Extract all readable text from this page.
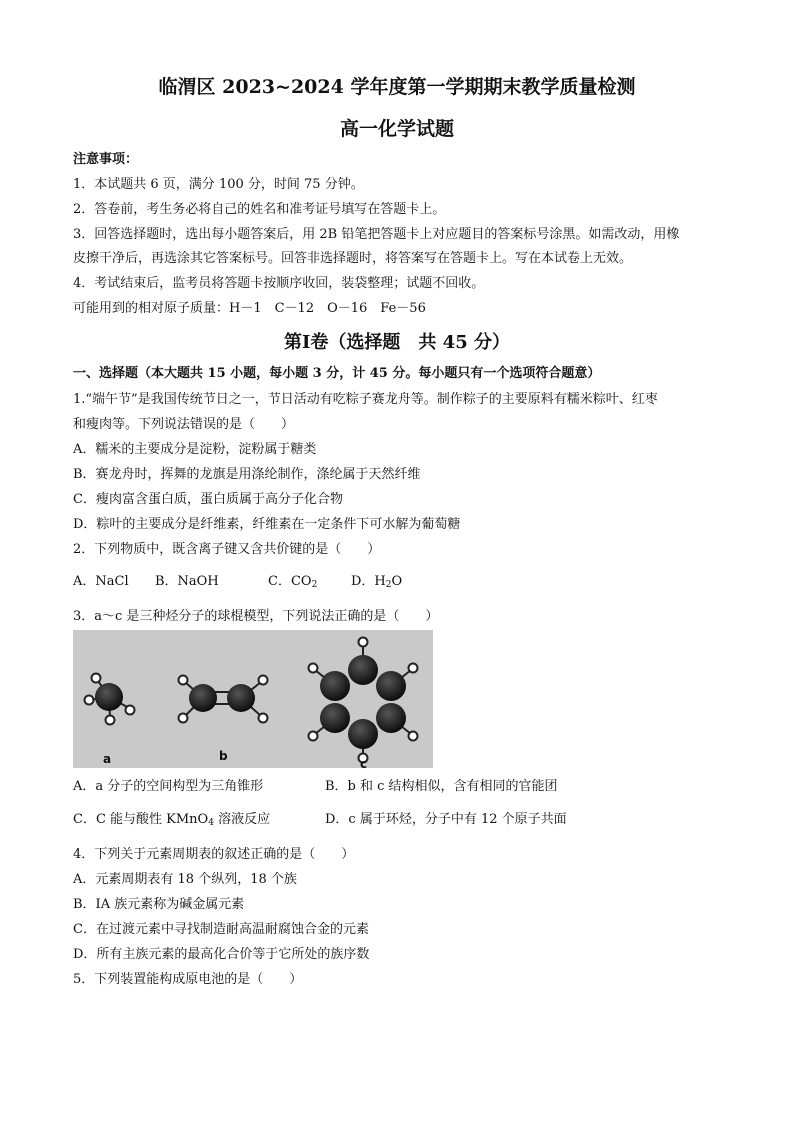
临渭区 2023~2024 学年度第一学期期末教学质量检测
高一化学试题
注意事项：
1．本试题共 6 页，满分 100 分，时间 75 分钟。
2．答卷前，考生务必将自己的姓名和准考证号填写在答题卡上。
3．回答选择题时，选出每小题答案后，用 2B 铅笔把答题卡上对应题目的答案标号涂黑。如需改动，用橡
皮擦干净后，再选涂其它答案标号。回答非选择题时，将答案写在答题卡上。写在本试卷上无效。
4．考试结束后，监考员将答题卡按顺序收回，装袋整理；试题不回收。
可能用到的相对原子质量：H－1　C－12　O－16　Fe－56
第Ⅰ卷（选择题　共 45 分）
一、选择题（本大题共 15 小题，每小题 3 分，计 45 分。每小题只有一个选项符合题意）
1.“端午节”是我国传统节日之一，节日活动有吃粽子赛龙舟等。制作粽子的主要原料有糯米粽叶、红枣
和瘦肉等。下列说法错误的是（　　）
A．糯米的主要成分是淀粉，淀粉属于糖类
B．赛龙舟时，挥舞的龙旗是用涤纶制作，涤纶属于天然纤维
C．瘦肉富含蛋白质，蛋白质属于高分子化合物
D．粽叶的主要成分是纤维素，纤维素在一定条件下可水解为葡萄糖
2．下列物质中，既含离子键又含共价键的是（　　）
A．NaCl B．NaOH	C．$CO_2$	D．$H_2O$
3．a～c 是三种烃分子的球棍模型，下列说法正确的是（　　）
a	b
c
A．a 分子的空间构型为三角锥形	B．b 和 c 结构相似，含有相同的官能团
C．C 能与酸性 KMnO$_4$ 溶液反应	D．c 属于环烃，分子中有 12 个原子共面
4．下列关于元素周期表的叙述正确的是（　　）
A．元素周期表有 18 个纵列，18 个族
B．ⅠA 族元素称为碱金属元素
C．在过渡元素中寻找制造耐高温耐腐蚀合金的元素
D．所有主族元素的最高化合价等于它所处的族序数
5．下列装置能构成原电池的是（　　）
